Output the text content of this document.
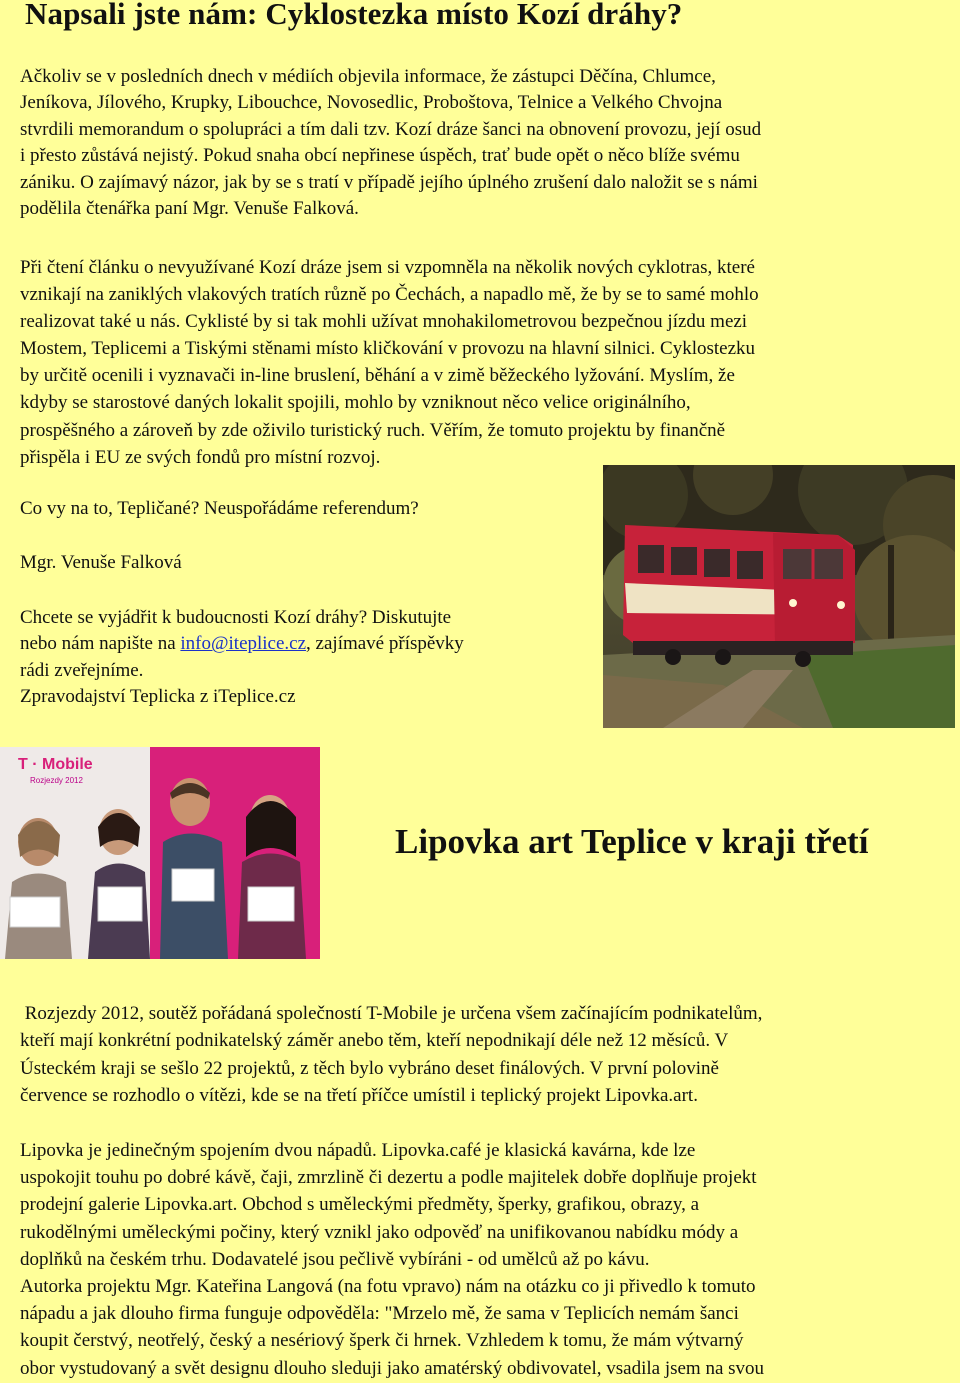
Napsali jste nám: Cyklostezka místo Kozí dráhy?
Ačkoliv se v posledních dnech v médiích objevila informace, že zástupci Děčína, Chlumce,
Jeníkova, Jílového, Krupky, Libouchce, Novosedlic, Proboštova, Telnice a Velkého Chvojna
stvrdili memorandum o spolupráci a tím dali tzv. Kozí dráze šanci na obnovení provozu, její osud
i přesto zůstává nejistý. Pokud snaha obcí nepřinese úspěch, trať bude opět o něco blíže svému
zániku. O zajímavý názor, jak by se s tratí v případě jejího úplného zrušení dalo naložit se s námi
podělila čtenářka paní Mgr. Venuše Falková.
Při čtení článku o nevyužívané Kozí dráze jsem si vzpomněla na několik nových cyklotras, které
vznikají na zaniklých vlakových tratích různě po Čechách, a napadlo mě, že by se to samé mohlo
realizovat také u nás. Cyklisté by si tak mohli užívat mnohakilometrovou bezpečnou jízdu mezi
Mostem, Teplicemi a Tiskými stěnami místo kličkování v provozu na hlavní silnici. Cyklostezku
by určitě ocenili i vyznavači in-line bruslení, běhání a v zimě běžeckého lyžování. Myslím, že
kdyby se starostové daných lokalit spojili, mohlo by vzniknout něco velice originálního,
prospěšného a zároveň by zde oživilo turistický ruch. Věřím, že tomuto projektu by finančně
přispěla i EU ze svých fondů pro místní rozvoj.

Co vy na to, Tepličané? Neuspořádáme referendum?

Mgr. Venuše Falková

Chcete se vyjádřit k budoucnosti Kozí dráhy? Diskutujte
nebo nám napište na info@iteplice.cz, zajímavé příspěvky
rádi zveřejníme.
Zpravodajství Teplicka z iTeplice.cz
T · Mobile
Rozjezdy 2012
Lipovka art Teplice v kraji třetí
Rozjezdy 2012, soutěž pořádaná společností T-Mobile je určena všem začínajícím podnikatelům,
kteří mají konkrétní podnikatelský záměr anebo těm, kteří nepodnikají déle než 12 měsíců. V
Ústeckém kraji se sešlo 22 projektů, z těch bylo vybráno deset finálových. V první polovině
července se rozhodlo o vítězi, kde se na třetí příčce umístil i teplický projekt Lipovka.art.
Lipovka je jedinečným spojením dvou nápadů. Lipovka.café je klasická kavárna, kde lze
uspokojit touhu po dobré kávě, čaji, zmrzlině či dezertu a podle majitelek dobře doplňuje projekt
prodejní galerie Lipovka.art. Obchod s uměleckými předměty, šperky, grafikou, obrazy, a
rukodělnými uměleckými počiny, který vznikl jako odpověď na unifikovanou nabídku módy a
doplňků na českém trhu. Dodavatelé jsou pečlivě vybíráni - od umělců až po kávu.
Autorka projektu Mgr. Kateřina Langová (na fotu vpravo) nám na otázku co ji přivedlo k tomuto
nápadu a jak dlouho firma funguje odpověděla: "Mrzelo mě, že sama v Teplicích nemám šanci
koupit čerstvý, neotřelý, český a nesériový šperk či hrnek. Vzhledem k tomu, že mám výtvarný
obor vystudovaný a svět designu dlouho sleduji jako amatérský obdivovatel, vsadila jsem na svou
